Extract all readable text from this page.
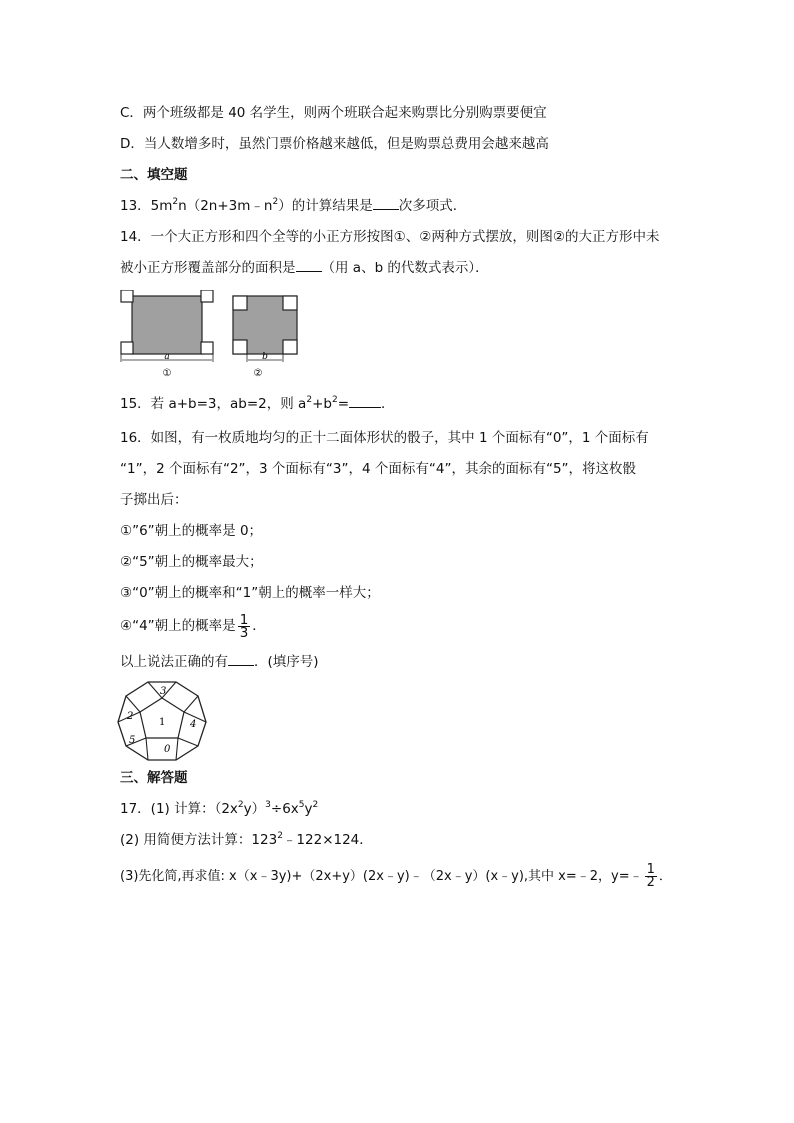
C．两个班级都是 40 名学生，则两个班联合起来购票比分别购票要便宜
D．当人数增多时，虽然门票价格越来越低，但是购票总费用会越来越高
二、填空题
13．$5m^2n(2n+3m﹣n^2)$的计算结果是 次多项式．
14．一个大正方形和四个全等的小正方形按图①、②两种方式摆放，则图②的大正方形中未
被小正方形覆盖部分的面积是 （用 a、b 的代数式表示）．
a
①
b
②
15．若 a+b=3，ab=2，则 $a^2+b^2=$ ．
16．如图，有一枚质地均匀的正十二面体形状的骰子，其中 1 个面标有“0”，1 个面标有
“1”，2 个面标有“2”，3 个面标有“3”，4 个面标有“4”，其余的面标有“5”，将这枚骰
子掷出后：
①”6”朝上的概率是 0；
②“5”朝上的概率最大；
③“0”朝上的概率和“1”朝上的概率一样大；
④“4”朝上的概率是 $\frac{1}{3}$ ．
以上说法正确的有 ．(填序号)
3
2
1 4
5
0
三、解答题
17．(1) 计算：$(2x^2y)^3\div 6x^5y^2$
(2) 用简便方法计算：$123^2﹣122\times 124$．
(3)先化简,再求值: x（x﹣3y)+（2x+y）(2x﹣y)﹣（2x﹣y）(x﹣y),其中 x=﹣2，y=﹣ $\frac{1}{2}$ ．
